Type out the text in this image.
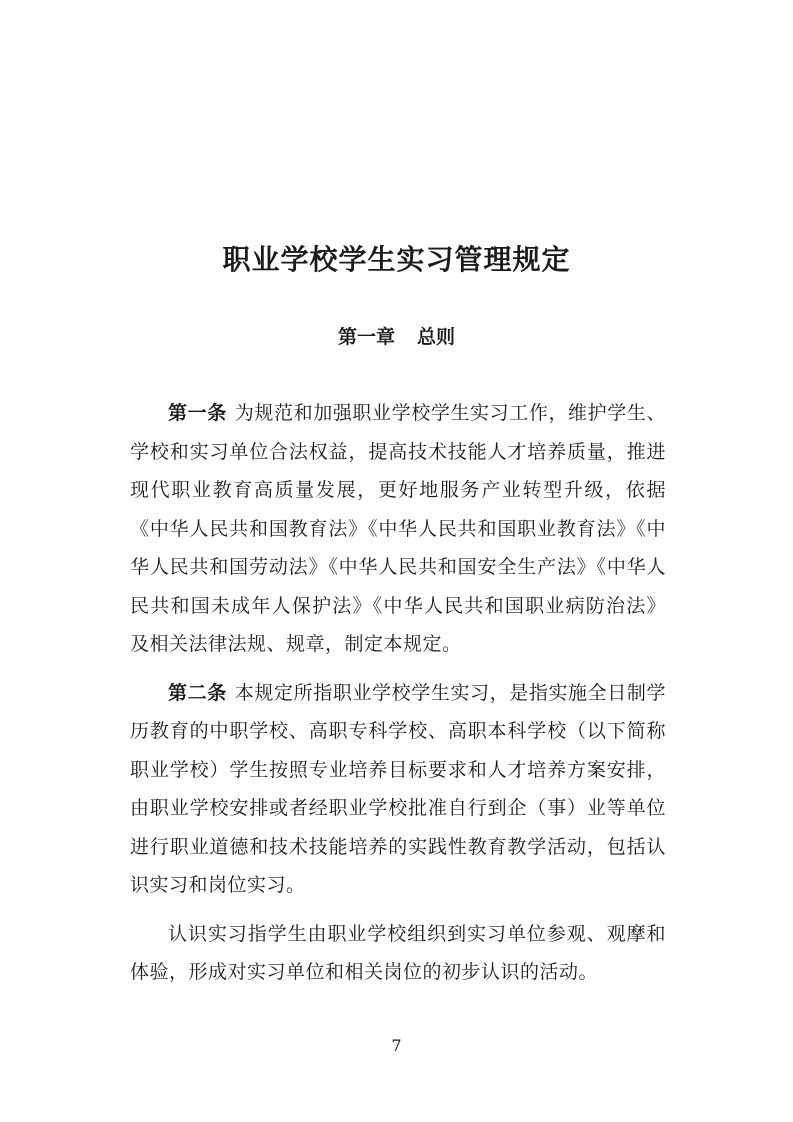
职业学校学生实习管理规定
第一章 总则

第一条 为规范和加强职业学校学生实习工作，维护学生、学校和实习单位合法权益，提高技术技能人才培养质量，推进现代职业教育高质量发展，更好地服务产业转型升级，依据《中华人民共和国教育法》《中华人民共和国职业教育法》《中华人民共和国劳动法》《中华人民共和国安全生产法》《中华人民共和国未成年人保护法》《中华人民共和国职业病防治法》及相关法律法规、规章，制定本规定。

第二条 本规定所指职业学校学生实习，是指实施全日制学历教育的中职学校、高职专科学校、高职本科学校（以下简称职业学校）学生按照专业培养目标要求和人才培养方案安排，由职业学校安排或者经职业学校批准自行到企（事）业等单位进行职业道德和技术技能培养的实践性教育教学活动，包括认识实习和岗位实习。

认识实习指学生由职业学校组织到实习单位参观、观摩和体验，形成对实习单位和相关岗位的初步认识的活动。

7
